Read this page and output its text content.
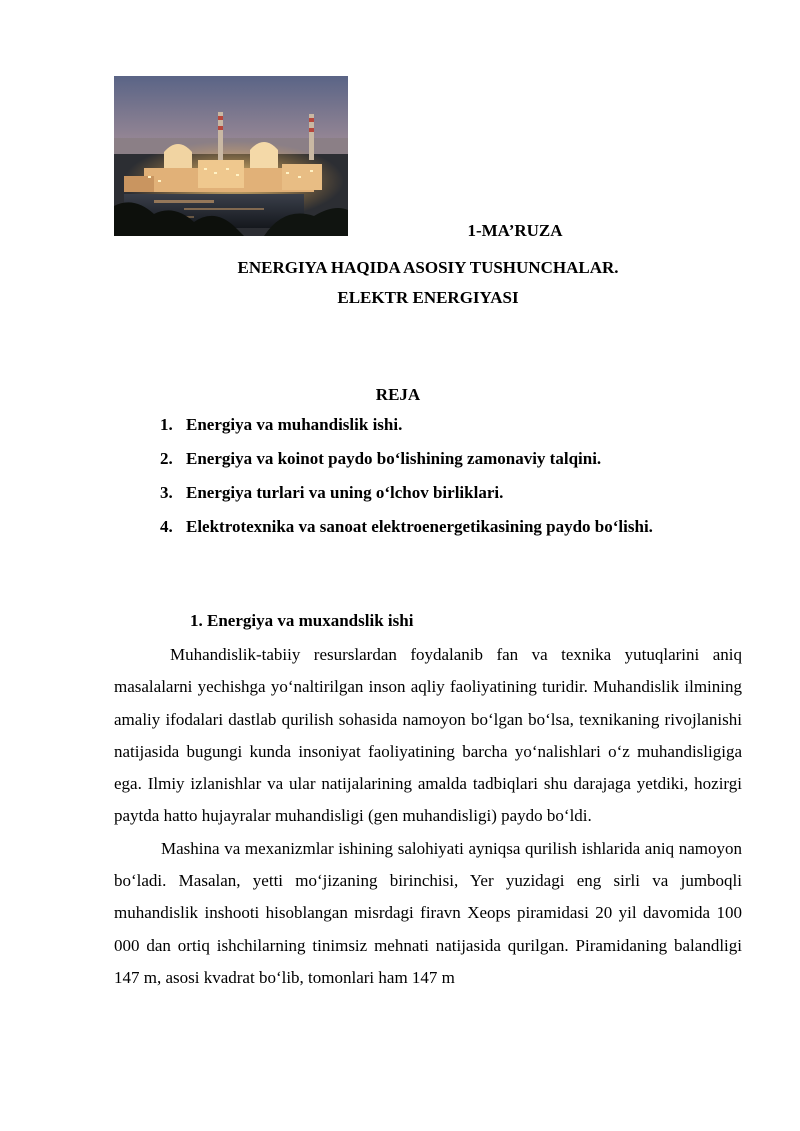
1-MA’RUZA
ENERGIYA HAQIDA ASOSIY TUSHUNCHALAR.
ELEKTR ENERGIYASI
REJA
1. Energiya va muhandislik ishi.
2. Energiya va koinot paydo bo‘lishining zamonaviy talqini.
3. Energiya turlari va uning o‘lchov birliklari.
4. Elektrotexnika va sanoat elektroenergetikasining paydo bo‘lishi.
1. Energiya va muxandslik ishi

Muhandislik-tabiiy resurslardan foydalanib fan va texnika yutuqlarini aniq masalalarni yechishga yo‘naltirilgan inson aqliy faoliyatining turidir. Muhandislik ilmining amaliy ifodalari dastlab qurilish sohasida namoyon bo‘lgan bo‘lsa, texnikaning rivojlanishi natijasida bugungi kunda insoniyat faoliyatining barcha yo‘nalishlari o‘z muhandisligiga ega. Ilmiy izlanishlar va ular natijalarining amalda tadbiqlari shu darajaga yetdiki, hozirgi paytda hatto hujayralar muhandisligi (gen muhandisligi) paydo bo‘ldi.

Mashina va mexanizmlar ishining salohiyati ayniqsa qurilish ishlarida aniq namoyon bo‘ladi. Masalan, yetti mo‘jizaning birinchisi, Yer yuzidagi eng sirli va jumboqli muhandislik inshooti hisoblangan misrdagi firavn Xeops piramidasi 20 yil davomida 100 000 dan ortiq ishchilarning tinimsiz mehnati natijasida qurilgan. Piramidaning balandligi 147 m, asosi kvadrat bo‘lib, tomonlari ham 147 m
